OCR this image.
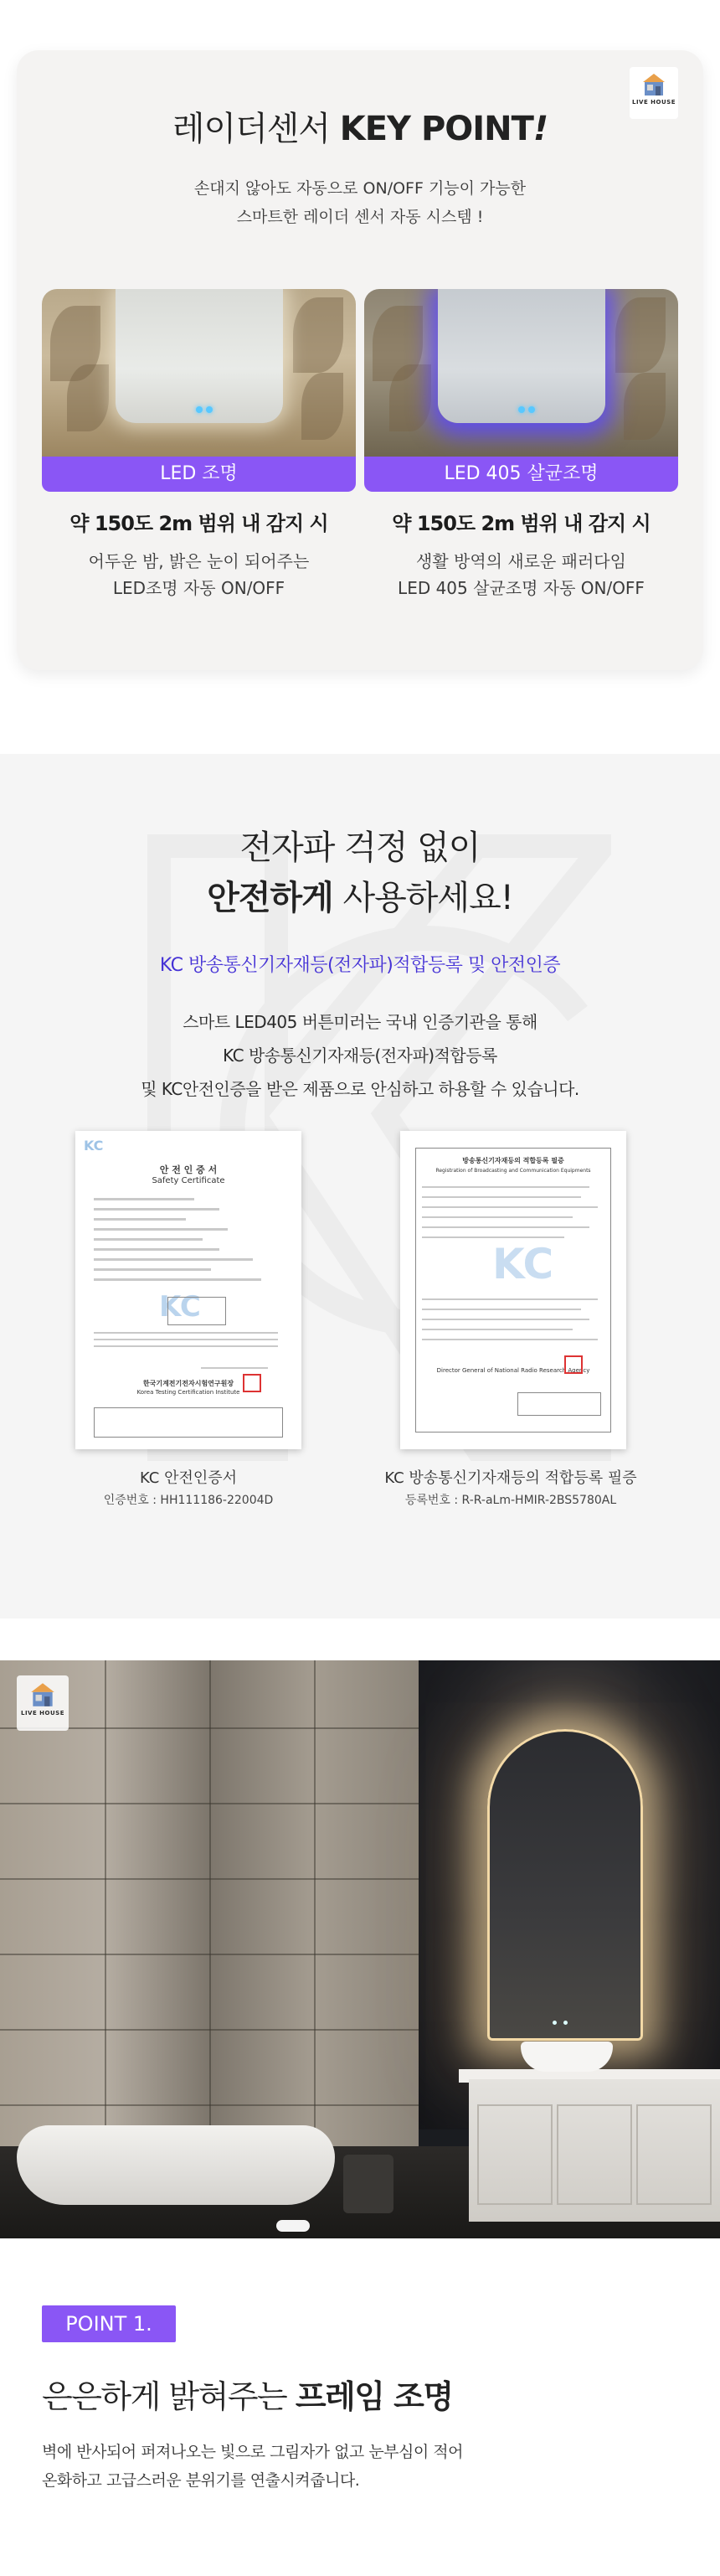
LIVE HOUSE
레이더센서 KEY POINT!
손대지 않아도 자동으로 ON/OFF 기능이 가능한
스마트한 레이더 센서 자동 시스템 !
LED 조명
약 150도 2m 범위 내 감지 시
어두운 밤, 밝은 눈이 되어주는
LED조명 자동 ON/OFF
LED 405 살균조명
약 150도 2m 범위 내 감지 시
생활 방역의 새로운 패러다임
LED 405 살균조명 자동 ON/OFF
전자파 걱정 없이
안전하게 사용하세요!
KC 방송통신기자재등(전자파)적합등록 및 안전인증
스마트 LED405 버튼미러는 국내 인증기관을 통해
KC 방송통신기자재등(전자파)적합등록
및 KC안전인증을 받은 제품으로 안심하고 하용할 수 있습니다.
KC
안 전 인 증 서
Safety Certificate
KC
한국기계전기전자시험연구원장
Korea Testing Certification Institute
KC 안전인증서
인증번호 : HH111186-22004D
방송통신기자재등의 적합등록 필증
Registration of Broadcasting and Communication Equipments
KC
Director General of National Radio Research Agency
KC 방송통신기자재등의 적합등록 필증
등록번호 : R-R-aLm-HMIR-2BS5780AL
LIVE HOUSE
POINT 1.
은은하게 밝혀주는 프레임 조명
벽에 반사되어 퍼져나오는 빛으로 그림자가 없고 눈부심이 적어
온화하고 고급스러운 분위기를 연출시켜줍니다.
